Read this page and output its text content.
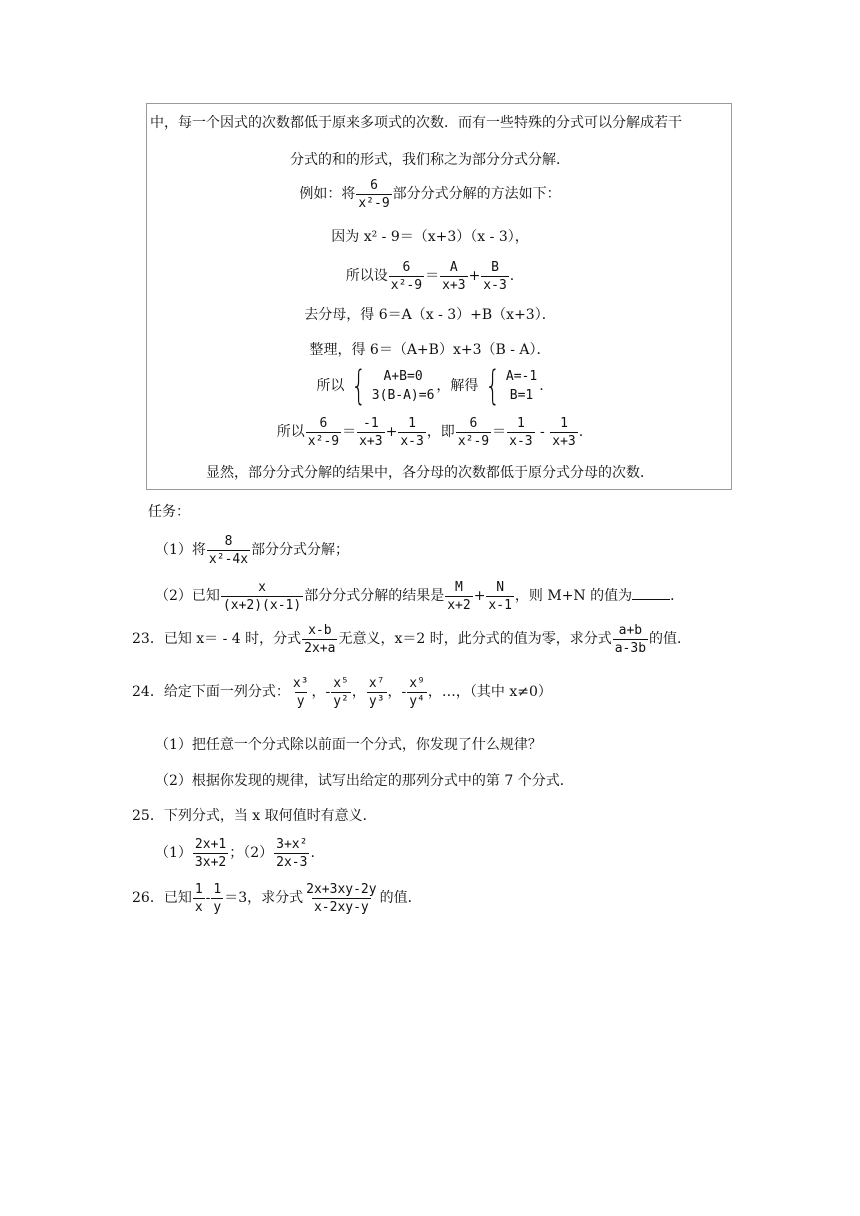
中，每一个因式的次数都低于原来多项式的次数．而有一些特殊的分式可以分解成若干
分式的和的形式，我们称之为部分分式分解．
例如：将 $\frac{6}{\text{x²-9}}$ 部分分式分解的方法如下：
因为 x² - 9＝（x+3）（x - 3），
所以设 $\frac{6}{\text{x²-9}} = \frac{A}{x+3} + \frac{B}{x-3}$ .
去分母，得 6＝A（x - 3）+B（x+3）．
整理，得 6＝（A+B）x+3（B - A）．
所以 {	A+B=0
3(B-A)=6
，解得 { A=-1
B=1
.
所以 $\frac{6}{\text{x²-9}} = \frac{-1}{x+3} + \frac{1}{x-3}$ ，即 $\frac{6}{\text{x²-9}} = \frac{1}{x-3} - \frac{1}{x+3}$ .
显然，部分分式分解的结果中，各分母的次数都低于原分式分母的次数．
任务：
（1）将 $\frac{8}{\text{x²-4x}}$ 部分分式分解；
（2）已知 $\frac{x}{(x+2)(x-1)}$ 部分分式分解的结果是 $\frac{M}{x+2} + \frac{N}{x-1}$ ，则 M+N 的值为	．
23．已知 x＝ - 4 时，分式 $\frac{x-b}{2x+a}$ 无意义，x＝2 时，此分式的值为零，求分式 $\frac{a+b}{a-3b}$ 的值．
24．给定下面一列分式： $\frac{\text{x³}}{y}$ ，- $\frac{\text{x⁵}}{\text{y²}}$ ， $\frac{\text{x⁷}}{\text{y³}}$ ，- $\frac{\text{x⁹}}{\text{y⁴}}$ ，…，（其中 x≠0）
（1）把任意一个分式除以前面一个分式，你发现了什么规律？
（2）根据你发现的规律，试写出给定的那列分式中的第 7 个分式．
25．下列分式，当 x 取何值时有意义．
$(1) \frac{2x+1}{3x+2}$ ；$(2) \frac{\text{3+x²}}{2x-3}$ .
26．已知 $\frac{1}{x} - \frac{1}{y} =3$，求分式 $\frac{2x+3xy-2y}{x-2xy-y}$ 的值．
